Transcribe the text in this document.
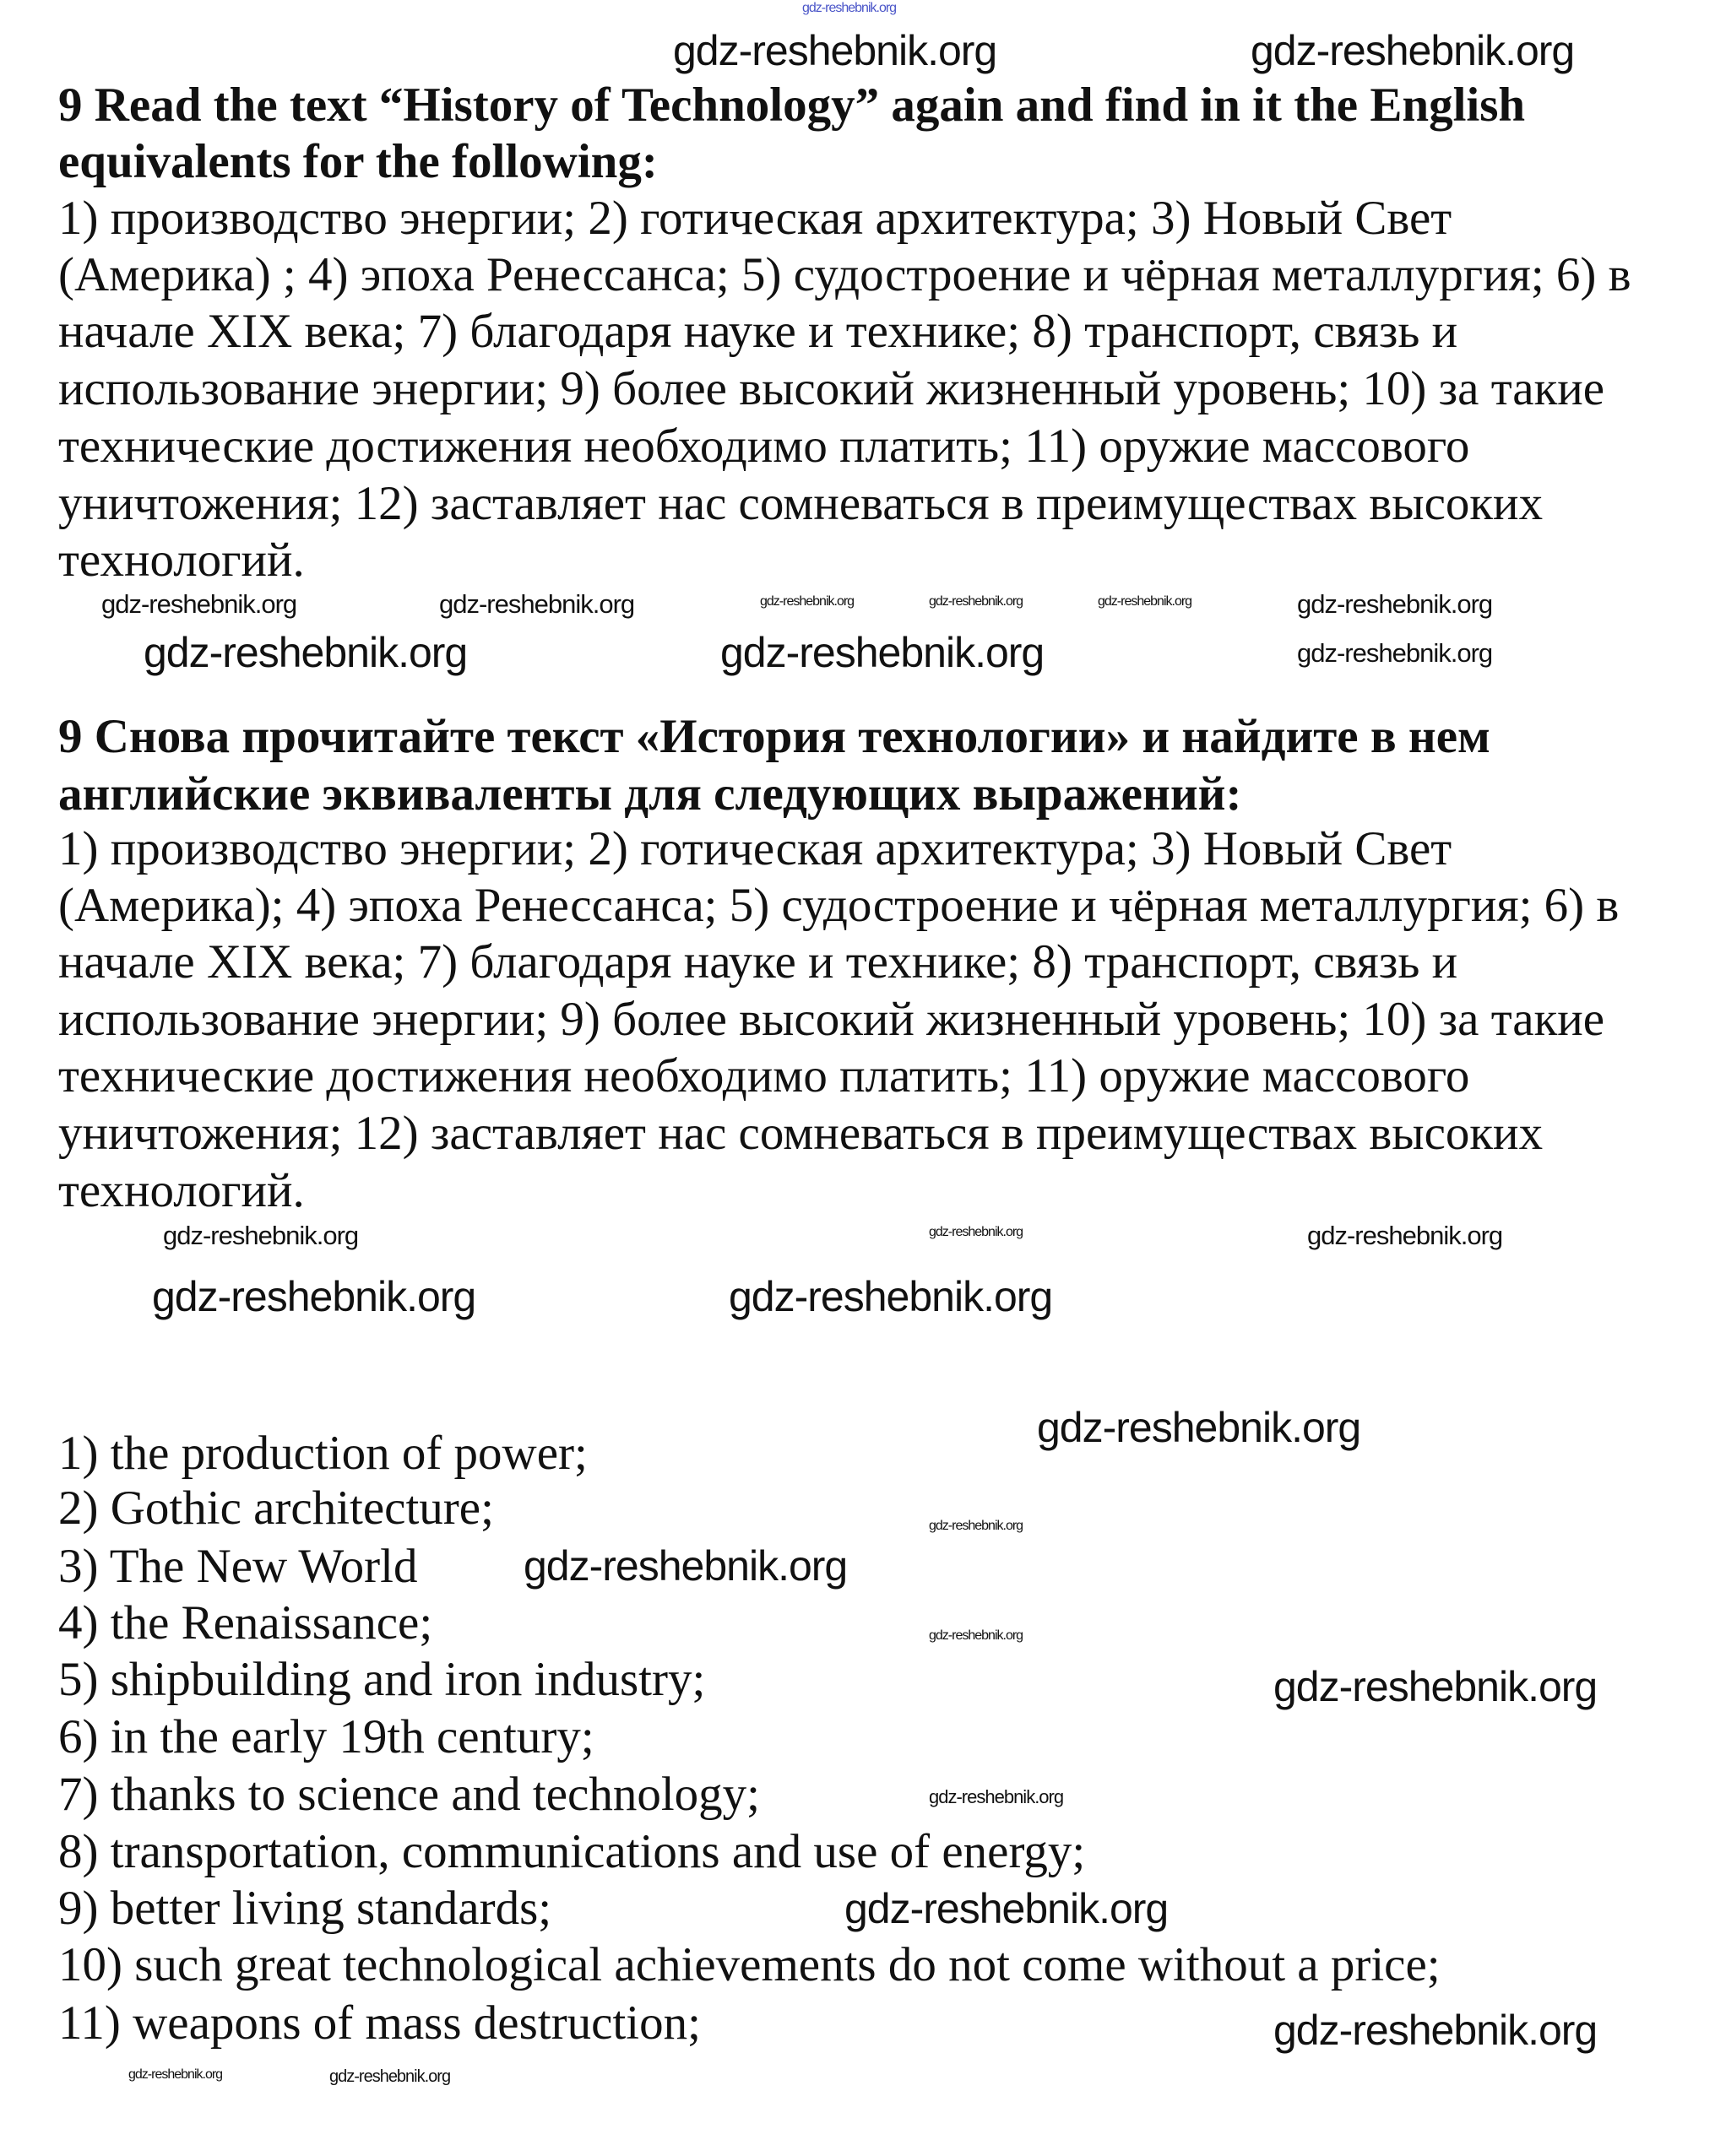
9 Read the text “History of Technology” again and find in it the English
equivalents for the following:
1) производство энергии; 2) готическая архитектура; 3) Новый Свет
(Америка) ; 4) эпоха Ренессанса; 5) судостроение и чёрная металлургия; 6) в
начале XIX века; 7) благодаря науке и технике; 8) транспорт, связь и
использование энергии; 9) более высокий жизненный уровень; 10) за такие
технические достижения необходимо платить; 11) оружие массового
уничтожения; 12) заставляет нас сомневаться в преимуществах высоких
технологий.
9 Снова прочитайте текст «История технологии» и найдите в нем
английские эквиваленты для следующих выражений:
1) производство энергии; 2) готическая архитектура; 3) Новый Свет
(Америка); 4) эпоха Ренессанса; 5) судостроение и чёрная металлургия; 6) в
начале XIX века; 7) благодаря науке и технике; 8) транспорт, связь и
использование энергии; 9) более высокий жизненный уровень; 10) за такие
технические достижения необходимо платить; 11) оружие массового
уничтожения; 12) заставляет нас сомневаться в преимуществах высоких
технологий.
1) the production of power;
2) Gothic architecture;
3) The New World
4) the Renaissance;
5) shipbuilding and iron industry;
6) in the early 19th century;
7) thanks to science and technology;
8) transportation, communications and use of energy;
9) better living standards;
10) such great technological achievements do not come without a price;
11) weapons of mass destruction;
gdz-reshebnik.org
gdz-reshebnik.org	gdz-reshebnik.org
gdz-reshebnik.org	gdz-reshebnik.org	gdz-reshebnik.org	gdz-reshebnik.org	gdz-reshebnik.org	gdz-reshebnik.org
gdz-reshebnik.org	gdz-reshebnik.org	gdz-reshebnik.org
gdz-reshebnik.org
gdz-reshebnik.org	gdz-reshebnik.org
gdz-reshebnik.org
gdz-reshebnik.org
gdz-reshebnik.org
gdz-reshebnik.org
gdz-reshebnik.org
gdz-reshebnik.org
gdz-reshebnik.org
gdz-reshebnik.org
gdz-reshebnik.org
gdz-reshebnik.org	gdz-reshebnik.org
gdz-reshebnik.org
